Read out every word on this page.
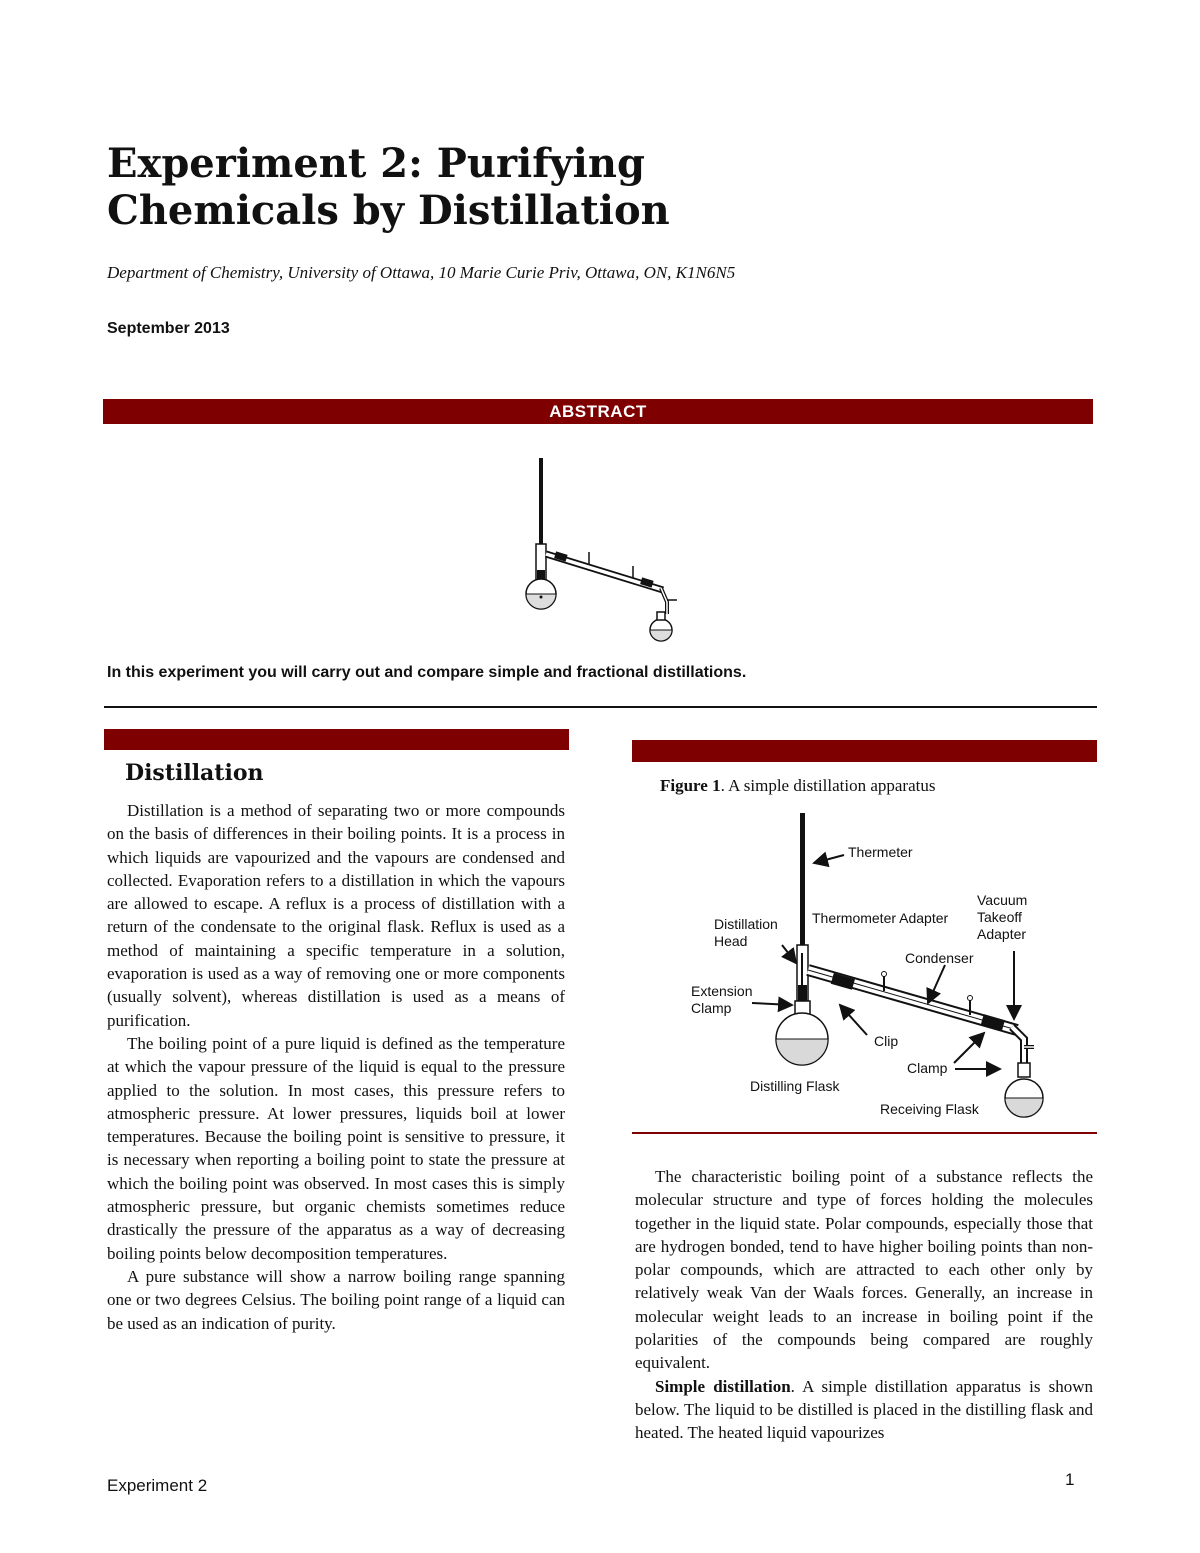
Experiment 2: Purifying
Chemicals by Distillation
Department of Chemistry, University of Ottawa, 10 Marie Curie Priv, Ottawa, ON, K1N6N5
September 2013
ABSTRACT
In this experiment you will carry out and compare simple and fractional distillations.
Distillation

Distillation is a method of separating two or more compounds on the basis of differences in their boiling points. It is a process in which liquids are vapourized and the vapours are condensed and collected. Evaporation refers to a distillation in which the vapours are allowed to escape. A reflux is a process of distillation with a return of the condensate to the original flask. Reflux is used as a method of maintaining a specific temperature in a solution, evaporation is used as a way of removing one or more components (usually solvent), whereas distillation is used as a means of purification.

The boiling point of a pure liquid is defined as the temperature at which the vapour pressure of the liquid is equal to the pressure applied to the solution. In most cases, this pressure refers to atmospheric pressure. At lower pressures, liquids boil at lower temperatures. Because the boiling point is sensitive to pressure, it is necessary when reporting a boiling point to state the pressure at which the boiling point was observed. In most cases this is simply atmospheric pressure, but organic chemists sometimes reduce drastically the pressure of the apparatus as a way of decreasing boiling points below decomposition temperatures.

A pure substance will show a narrow boiling range spanning one or two degrees Celsius. The boiling point range of a liquid can be used as an indication of purity.

Figure 1. A simple distillation apparatus
Thermeter
Distillation
Head
Thermometer Adapter
Vacuum
Takeoff
Adapter
Condenser
Extension
Clamp
Clip
Clamp
Distilling Flask
Receiving Flask

The characteristic boiling point of a substance reflects the molecular structure and type of forces holding the molecules together in the liquid state. Polar compounds, especially those that are hydrogen bonded, tend to have higher boiling points than non-polar compounds, which are attracted to each other only by relatively weak Van der Waals forces. Generally, an increase in molecular weight leads to an increase in boiling point if the polarities of the compounds being compared are roughly equivalent.

Simple distillation. A simple distillation apparatus is shown below. The liquid to be distilled is placed in the distilling flask and heated. The heated liquid vapourizes

Experiment 2	1
